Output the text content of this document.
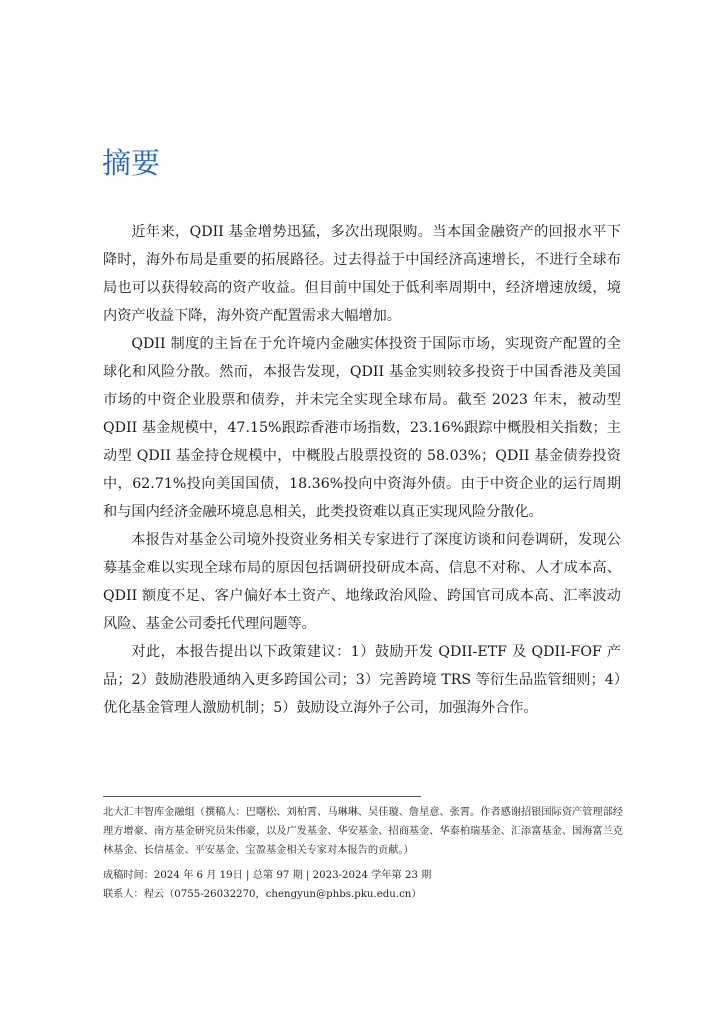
摘要

近年来，QDII 基金增势迅猛，多次出现限购。当本国金融资产的回报水平下降时，海外布局是重要的拓展路径。过去得益于中国经济高速增长，不进行全球布局也可以获得较高的资产收益。但目前中国处于低利率周期中，经济增速放缓，境内资产收益下降，海外资产配置需求大幅增加。

QDII 制度的主旨在于允许境内金融实体投资于国际市场，实现资产配置的全球化和风险分散。然而，本报告发现，QDII 基金实则较多投资于中国香港及美国市场的中资企业股票和债券，并未完全实现全球布局。截至 2023 年末，被动型 QDII 基金规模中，47.15%跟踪香港市场指数，23.16%跟踪中概股相关指数；主动型 QDII 基金持仓规模中，中概股占股票投资的 58.03%；QDII 基金债券投资中，62.71%投向美国国债，18.36%投向中资海外债。由于中资企业的运行周期和与国内经济金融环境息息相关，此类投资难以真正实现风险分散化。

本报告对基金公司境外投资业务相关专家进行了深度访谈和问卷调研，发现公募基金难以实现全球布局的原因包括调研投研成本高、信息不对称、人才成本高、QDII 额度不足、客户偏好本土资产、地缘政治风险、跨国官司成本高、汇率波动风险、基金公司委托代理问题等。

对此，本报告提出以下政策建议：1）鼓励开发 QDII-ETF 及 QDII-FOF 产品；2）鼓励港股通纳入更多跨国公司；3）完善跨境 TRS 等衍生品监管细则；4）优化基金管理人激励机制；5）鼓励设立海外子公司，加强海外合作。

北大汇丰智库金融组（撰稿人：巴曙松、刘柏霄、马琳琳、吴佳璇、詹星意、张霄。作者感谢招银国际资产管理部经理方增豪、南方基金研究员朱伟豪，以及广发基金、华安基金、招商基金、华泰柏瑞基金、汇添富基金、国海富兰克林基金、长信基金、平安基金、宝盈基金相关专家对本报告的贡献。）

成稿时间：2024 年 6 月 19日 | 总第 97 期 | 2023-2024 学年第 23 期

联系人：程云（0755-26032270，chengyun@phbs.pku.edu.cn）
